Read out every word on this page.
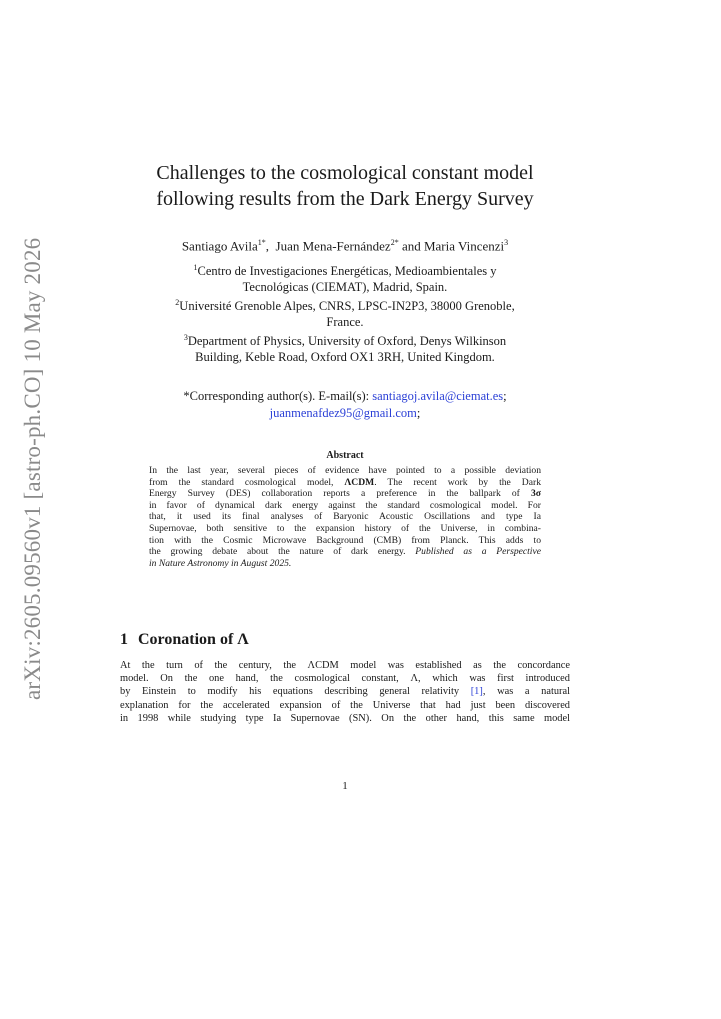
arXiv:2605.09560v1 [astro-ph.CO] 10 May 2026
Challenges to the cosmological constant model
following results from the Dark Energy Survey
Santiago Avila$^{1*}$,  Juan Mena-Fernández$^{2*}$ and Maria Vincenzi$^3$
$^1$Centro de Investigaciones Energéticas, Medioambientales y
Tecnológicas (CIEMAT), Madrid, Spain.
$^2$Université Grenoble Alpes, CNRS, LPSC-IN2P3, 38000 Grenoble,
France.
$^3$Department of Physics, University of Oxford, Denys Wilkinson
Building, Keble Road, Oxford OX1 3RH, United Kingdom.
*Corresponding author(s). E-mail(s): santiagoj.avila@ciemat.es;
juanmenafdez95@gmail.com;
Abstract
In the last year, several pieces of evidence have pointed to a possible deviation
from the standard cosmological model, ΛCDM. The recent work by the Dark
Energy Survey (DES) collaboration reports a preference in the ballpark of 3σ
in favor of dynamical dark energy against the standard cosmological model. For
that, it used its final analyses of Baryonic Acoustic Oscillations and type Ia
Supernovae, both sensitive to the expansion history of the Universe, in combina-
tion with the Cosmic Microwave Background (CMB) from Planck. This adds to
the growing debate about the nature of dark energy. Published as a Perspective
in Nature Astronomy in August 2025.
1 Coronation of Λ
At the turn of the century, the ΛCDM model was established as the concordance
model. On the one hand, the cosmological constant, Λ, which was first introduced
by Einstein to modify his equations describing general relativity [1], was a natural
explanation for the accelerated expansion of the Universe that had just been discovered
in 1998 while studying type Ia Supernovae (SN). On the other hand, this same model
1
